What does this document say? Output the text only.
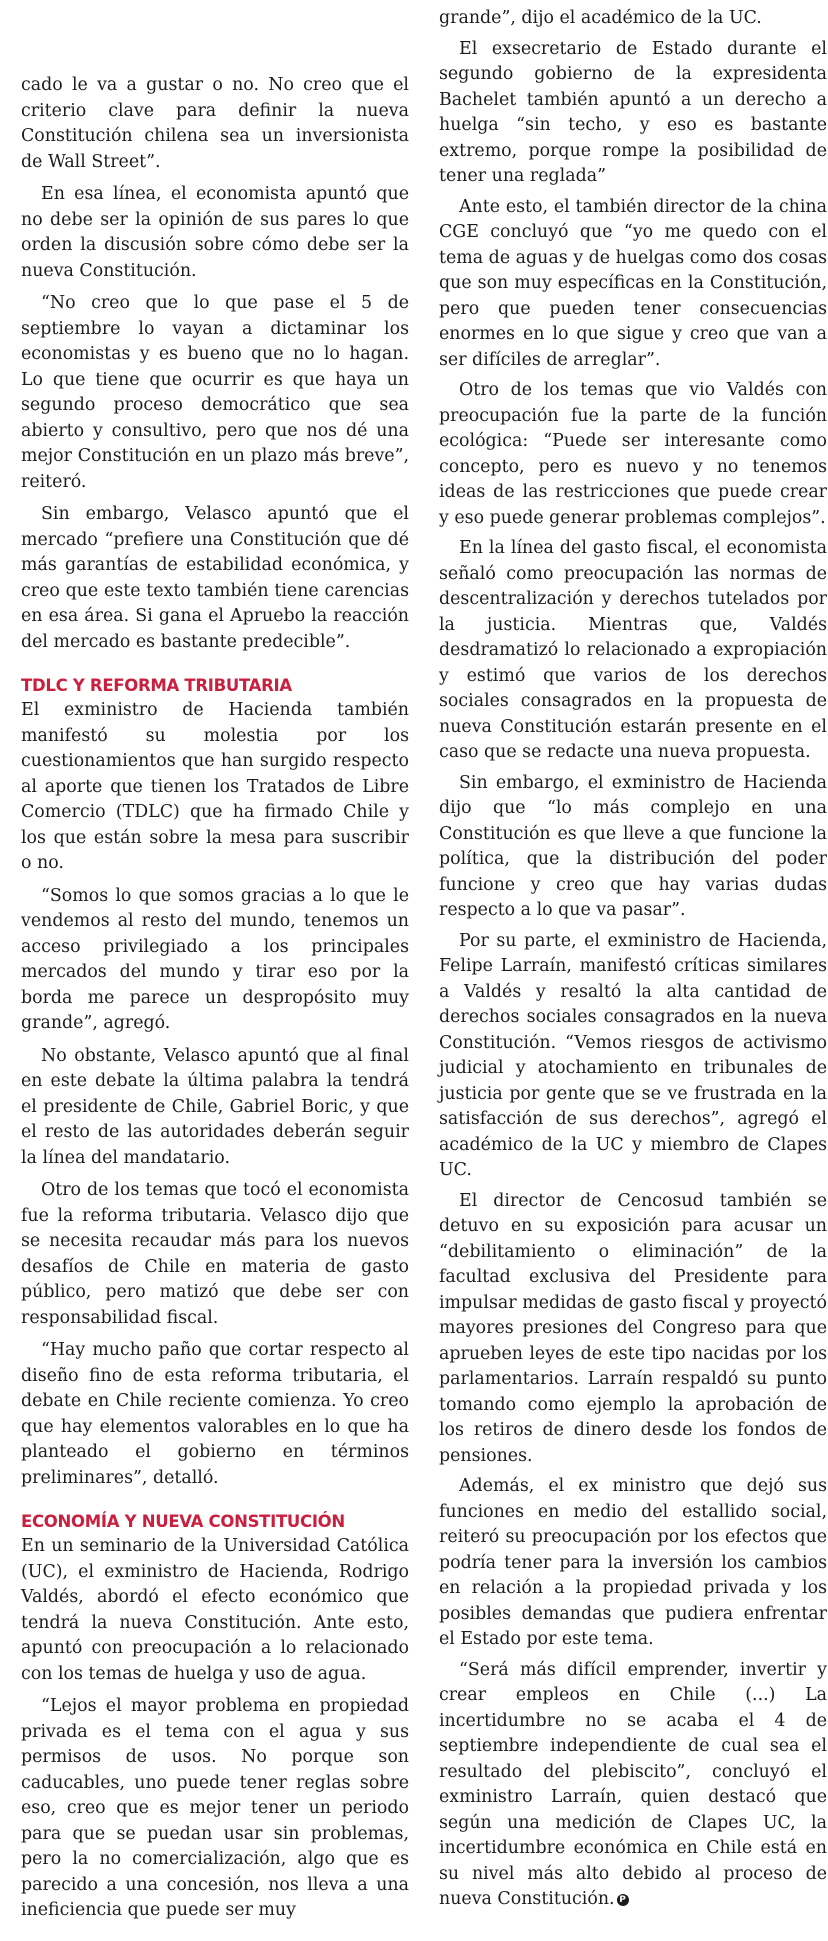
cado le va a gustar o no. No creo que el criterio clave para definir la nueva Constitución chilena sea un inversionista de Wall Street”.

En esa línea, el economista apuntó que no debe ser la opinión de sus pares lo que orden la discusión sobre cómo debe ser la nueva Constitución.

“No creo que lo que pase el 5 de septiembre lo vayan a dictaminar los economistas y es bueno que no lo hagan. Lo que tiene que ocurrir es que haya un segundo proceso democrático que sea abierto y consultivo, pero que nos dé una mejor Constitución en un plazo más breve”, reiteró.

Sin embargo, Velasco apuntó que el mercado “prefiere una Constitución que dé más garantías de estabilidad económica, y creo que este texto también tiene carencias en esa área. Si gana el Apruebo la reacción del mercado es bastante predecible”.

TDLC Y REFORMA TRIBUTARIA

El exministro de Hacienda también manifestó su molestia por los cuestionamientos que han surgido respecto al aporte que tienen los Tratados de Libre Comercio (TDLC) que ha firmado Chile y los que están sobre la mesa para suscribir o no.

“Somos lo que somos gracias a lo que le vendemos al resto del mundo, tenemos un acceso privilegiado a los principales mercados del mundo y tirar eso por la borda me parece un despropósito muy grande”, agregó.

No obstante, Velasco apuntó que al final en este debate la última palabra la tendrá el presidente de Chile, Gabriel Boric, y que el resto de las autoridades deberán seguir la línea del mandatario.

Otro de los temas que tocó el economista fue la reforma tributaria. Velasco dijo que se necesita recaudar más para los nuevos desafíos de Chile en materia de gasto público, pero matizó que debe ser con responsabilidad fiscal.

“Hay mucho paño que cortar respecto al diseño fino de esta reforma tributaria, el debate en Chile reciente comienza. Yo creo que hay elementos valorables en lo que ha planteado el gobierno en términos preliminares”, detalló.

ECONOMÍA Y NUEVA CONSTITUCIÓN

En un seminario de la Universidad Católica (UC), el exministro de Hacienda, Rodrigo Valdés, abordó el efecto económico que tendrá la nueva Constitución. Ante esto, apuntó con preocupación a lo relacionado con los temas de huelga y uso de agua.

“Lejos el mayor problema en propiedad privada es el tema con el agua y sus permisos de usos. No porque son caducables, uno puede tener reglas sobre eso, creo que es mejor tener un periodo para que se puedan usar sin problemas, pero la no comercialización, algo que es parecido a una concesión, nos lleva a una ineficiencia que puede ser muy

grande”, dijo el académico de la UC.

El exsecretario de Estado durante el segundo gobierno de la expresidenta Bachelet también apuntó a un derecho a huelga “sin techo, y eso es bastante extremo, porque rompe la posibilidad de tener una reglada”

Ante esto, el también director de la china CGE concluyó que “yo me quedo con el tema de aguas y de huelgas como dos cosas que son muy específicas en la Constitución, pero que pueden tener consecuencias enormes en lo que sigue y creo que van a ser difíciles de arreglar”.

Otro de los temas que vio Valdés con preocupación fue la parte de la función ecológica: “Puede ser interesante como concepto, pero es nuevo y no tenemos ideas de las restricciones que puede crear y eso puede generar problemas complejos”.

En la línea del gasto fiscal, el economista señaló como preocupación las normas de descentralización y derechos tutelados por la justicia. Mientras que, Valdés desdramatizó lo relacionado a expropiación y estimó que varios de los derechos sociales consagrados en la propuesta de nueva Constitución estarán presente en el caso que se redacte una nueva propuesta.

Sin embargo, el exministro de Hacienda dijo que “lo más complejo en una Constitución es que lleve a que funcione la política, que la distribución del poder funcione y creo que hay varias dudas respecto a lo que va pasar”.

Por su parte, el exministro de Hacienda, Felipe Larraín, manifestó críticas similares a Valdés y resaltó la alta cantidad de derechos sociales consagrados en la nueva Constitución. “Vemos riesgos de activismo judicial y atochamiento en tribunales de justicia por gente que se ve frustrada en la satisfacción de sus derechos”, agregó el académico de la UC y miembro de Clapes UC.

El director de Cencosud también se detuvo en su exposición para acusar un “debilitamiento o eliminación” de la facultad exclusiva del Presidente para impulsar medidas de gasto fiscal y proyectó mayores presiones del Congreso para que aprueben leyes de este tipo nacidas por los parlamentarios. Larraín respaldó su punto tomando como ejemplo la aprobación de los retiros de dinero desde los fondos de pensiones.

Además, el ex ministro que dejó sus funciones en medio del estallido social, reiteró su preocupación por los efectos que podría tener para la inversión los cambios en relación a la propiedad privada y los posibles demandas que pudiera enfrentar el Estado por este tema.

“Será más difícil emprender, invertir y crear empleos en Chile (...) La incertidumbre no se acaba el 4 de septiembre independiente de cual sea el resultado del plebiscito”, concluyó el exministro Larraín, quien destacó que según una medición de Clapes UC, la incertidumbre económica en Chile está en su nivel más alto debido al proceso de nueva Constitución. P
